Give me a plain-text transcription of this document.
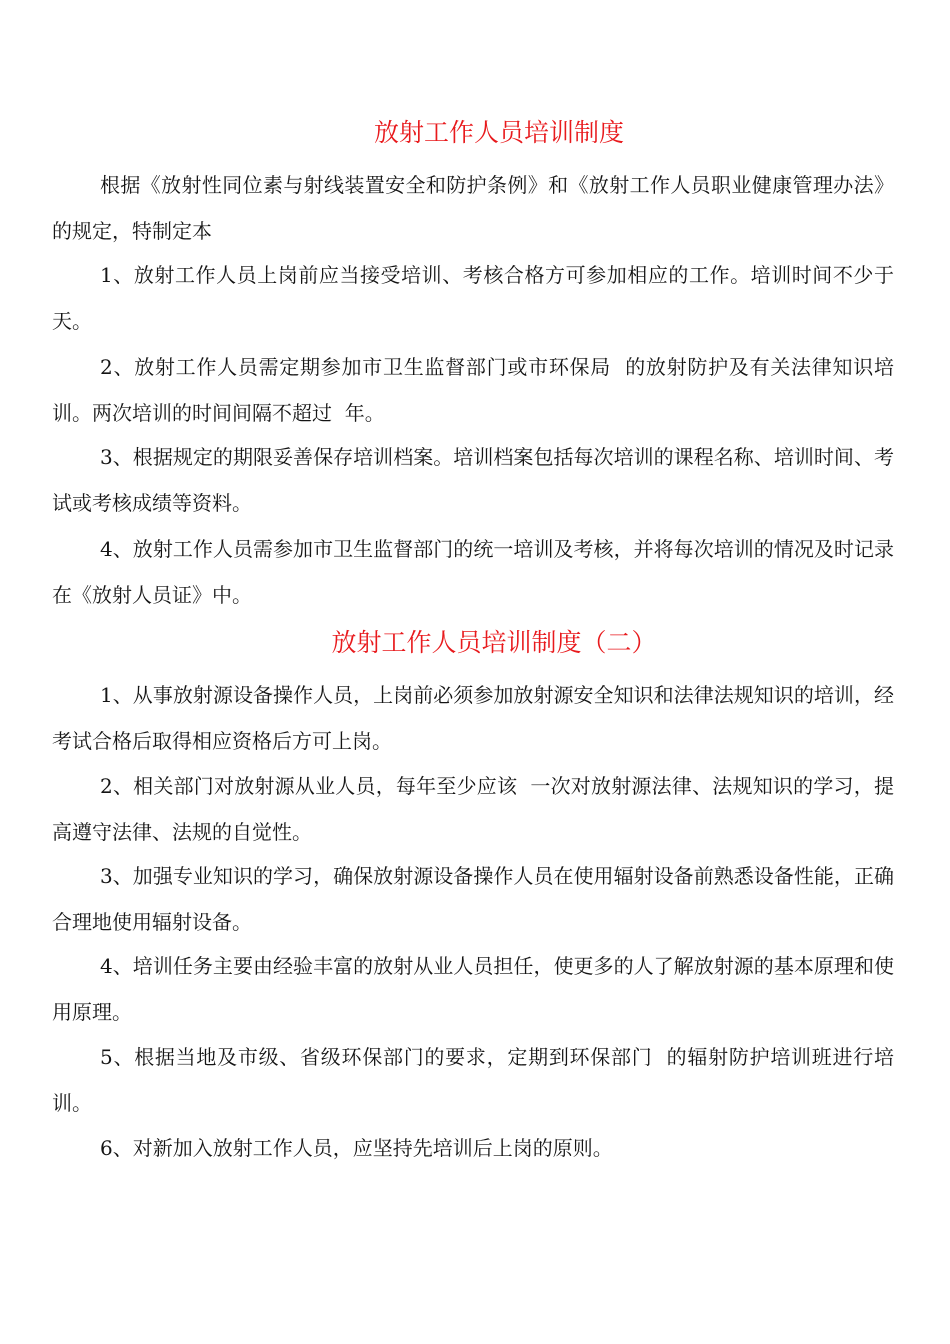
放射工作人员培训制度

根据《放射性同位素与射线装置安全和防护条例》和《放射工作人员职业健康管理办法》的规定，特制定本

1、放射工作人员上岗前应当接受培训、考核合格方可参加相应的工作。培训时间不少于  天。

2、放射工作人员需定期参加市卫生监督部门或市环保局  的放射防护及有关法律知识培训。两次培训的时间间隔不超过  年。

3、根据规定的期限妥善保存培训档案。培训档案包括每次培训的课程名称、培训时间、考试或考核成绩等资料。

4、放射工作人员需参加市卫生监督部门的统一培训及考核，并将每次培训的情况及时记录在《放射人员证》中。

放射工作人员培训制度（二）

1、从事放射源设备操作人员，上岗前必须参加放射源安全知识和法律法规知识的培训，经考试合格后取得相应资格后方可上岗。

2、相关部门对放射源从业人员，每年至少应该  一次对放射源法律、法规知识的学习，提高遵守法律、法规的自觉性。

3、加强专业知识的学习，确保放射源设备操作人员在使用辐射设备前熟悉设备性能，正确合理地使用辐射设备。

4、培训任务主要由经验丰富的放射从业人员担任，使更多的人了解放射源的基本原理和使用原理。

5、根据当地及市级、省级环保部门的要求，定期到环保部门  的辐射防护培训班进行培训。

6、对新加入放射工作人员，应坚持先培训后上岗的原则。
